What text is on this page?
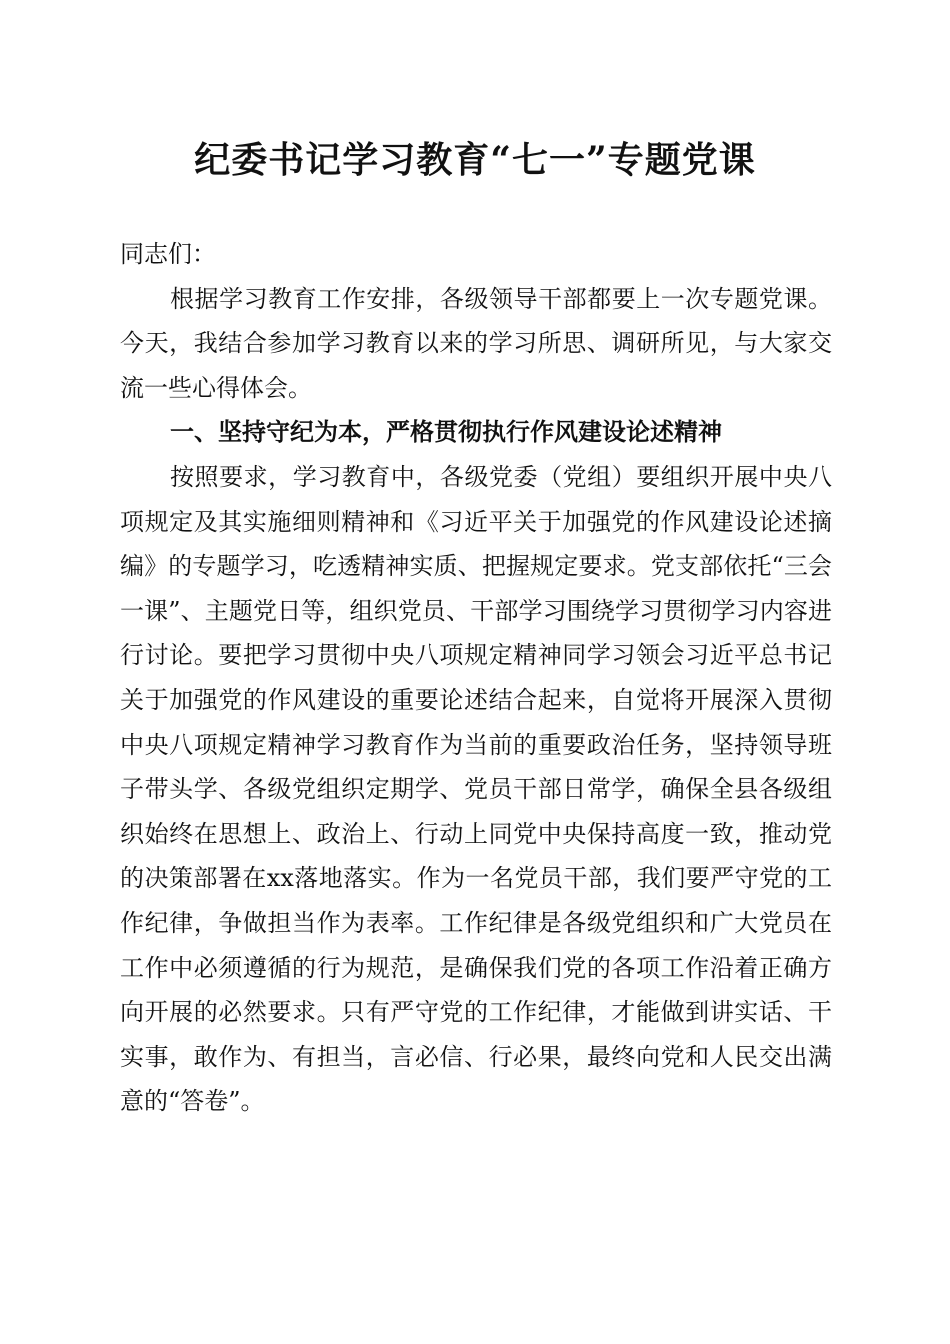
纪委书记学习教育“七一”专题党课

同志们：

根据学习教育工作安排，各级领导干部都要上一次专题党课。今天，我结合参加学习教育以来的学习所思、调研所见，与大家交流一些心得体会。

一、坚持守纪为本，严格贯彻执行作风建设论述精神

按照要求，学习教育中，各级党委（党组）要组织开展中央八项规定及其实施细则精神和《习近平关于加强党的作风建设论述摘编》的专题学习，吃透精神实质、把握规定要求。党支部依托“三会一课”、主题党日等，组织党员、干部学习围绕学习贯彻学习内容进行讨论。要把学习贯彻中央八项规定精神同学习领会习近平总书记关于加强党的作风建设的重要论述结合起来，自觉将开展深入贯彻中央八项规定精神学习教育作为当前的重要政治任务，坚持领导班子带头学、各级党组织定期学、党员干部日常学，确保全县各级组织始终在思想上、政治上、行动上同党中央保持高度一致，推动党的决策部署在xx落地落实。作为一名党员干部，我们要严守党的工作纪律，争做担当作为表率。工作纪律是各级党组织和广大党员在工作中必须遵循的行为规范，是确保我们党的各项工作沿着正确方向开展的必然要求。只有严守党的工作纪律，才能做到讲实话、干实事，敢作为、有担当，言必信、行必果，最终向党和人民交出满意的“答卷”。
